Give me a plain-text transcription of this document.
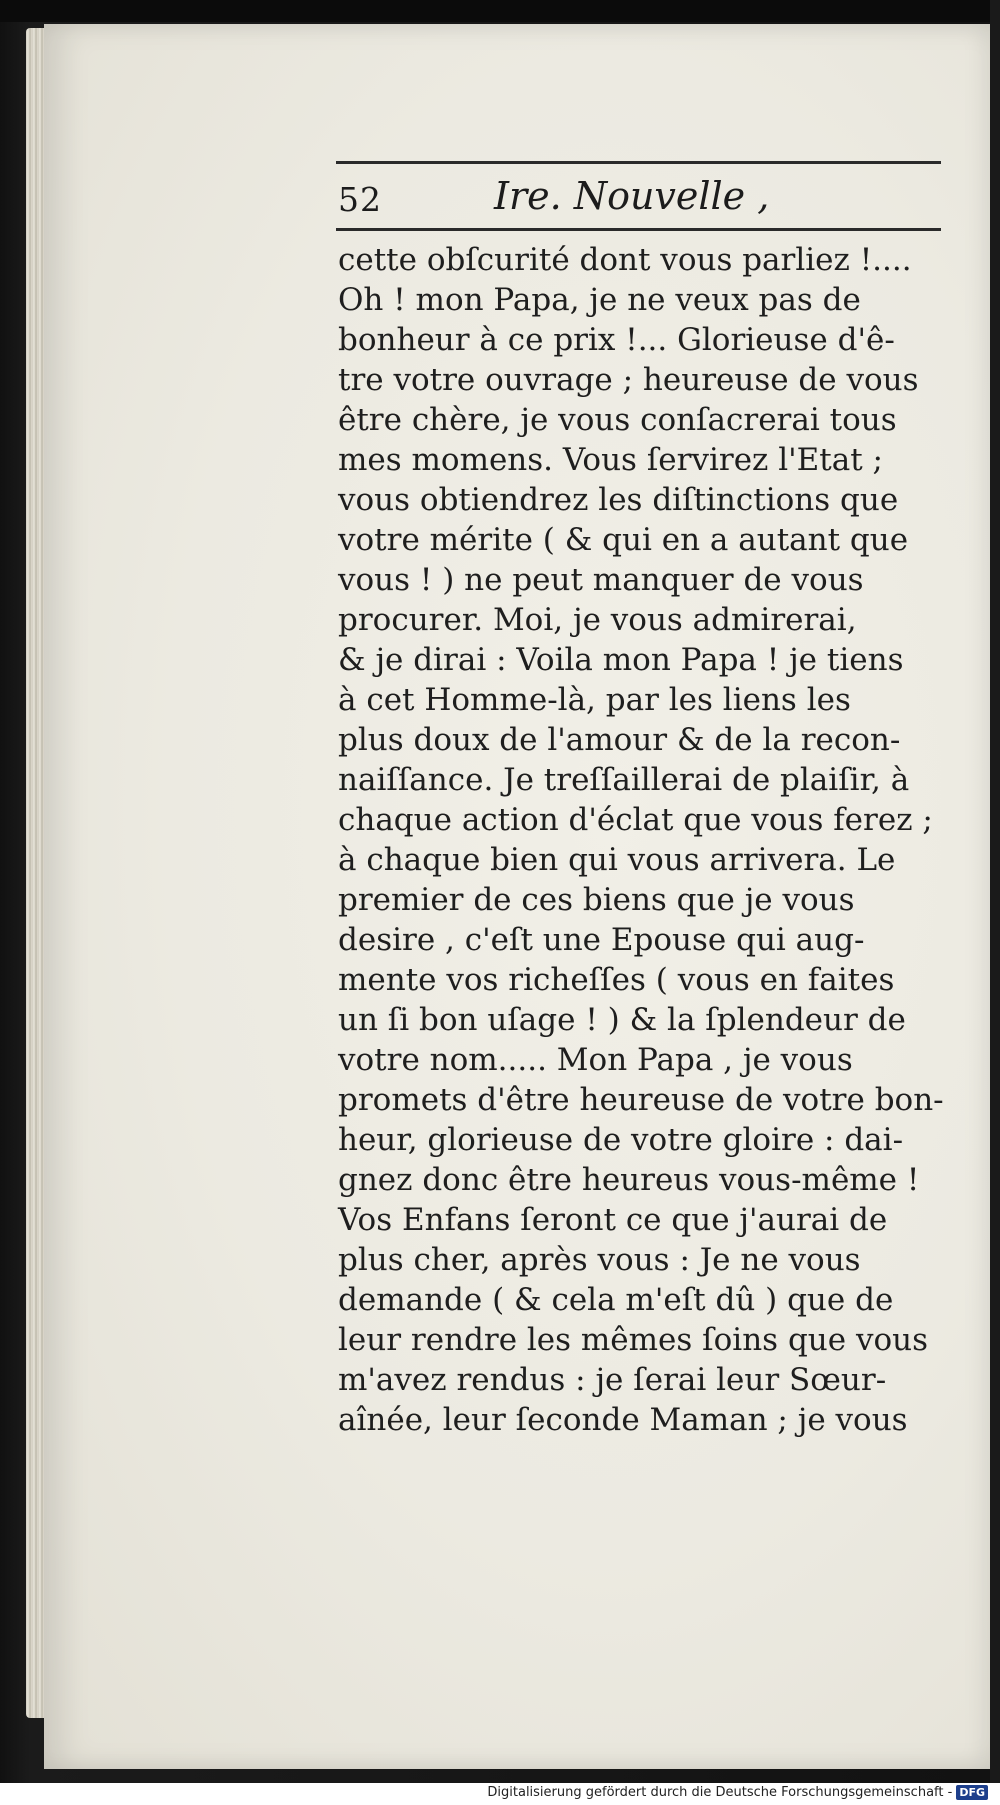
52	Ire. Nouvelle ,
cette obſcurité dont vous parliez !....
Oh ! mon Papa, je ne veux pas de
bonheur à ce prix !... Glorieuse d'ê-
tre votre ouvrage ; heureuse de vous
être chère, je vous conſacrerai tous
mes momens. Vous ſervirez l'Etat ;
vous obtiendrez les diſtinctions que
votre mérite ( & qui en a autant que
vous ! ) ne peut manquer de vous
procurer. Moi, je vous admirerai,
& je dirai : Voila mon Papa ! je tiens
à cet Homme-là, par les liens les
plus doux de l'amour & de la recon-
naiſſance. Je treſſaillerai de plaiſir, à
chaque action d'éclat que vous ferez ;
à chaque bien qui vous arrivera. Le
premier de ces biens que je vous
desire , c'eſt une Epouse qui aug-
mente vos richeſſes ( vous en faites
un ſi bon uſage ! ) & la ſplendeur de
votre nom..... Mon Papa , je vous
promets d'être heureuse de votre bon-
heur, glorieuse de votre gloire : dai-
gnez donc être heureus vous-même !
Vos Enfans ſeront ce que j'aurai de
plus cher, après vous : Je ne vous
demande ( & cela m'eſt dû ) que de
leur rendre les mêmes ſoins que vous
m'avez rendus : je ſerai leur Sœur-
aînée, leur ſeconde Maman ; je vous
Digitalisierung gefördert durch die Deutsche Forschungsgemeinschaft - DFG
